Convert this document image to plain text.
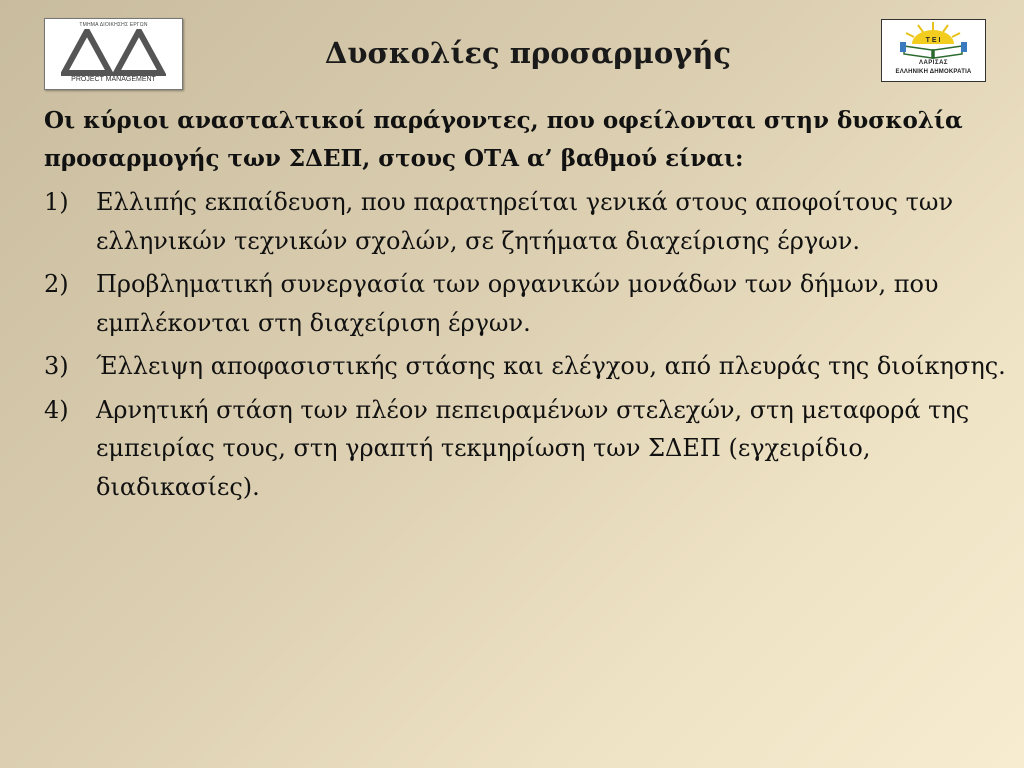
ΤΜΗΜΑ ΔΙΟΙΚΗΣΗΣ ΕΡΓΩΝ
PROJECT MANAGEMENT
Δυσκολίες προσαρμογής	Τ Ε Ι
ΛΑΡΙΣΑΣ
ΕΛΛΗΝΙΚΗ ΔΗΜΟΚΡΑΤΙΑ

Οι κύριοι ανασταλτικοί παράγοντες, που οφείλονται στην δυσκολία προσαρμογής των ΣΔΕΠ, στους ΟΤΑ α’ βαθμού είναι:

1) Ελλιπής εκπαίδευση, που παρατηρείται γενικά στους αποφοίτους των ελληνικών τεχνικών σχολών, σε ζητήματα διαχείρισης έργων.
2) Προβληματική συνεργασία των οργανικών μονάδων των δήμων, που εμπλέκονται στη διαχείριση έργων.
3) Έλλειψη αποφασιστικής στάσης και ελέγχου, από πλευράς της διοίκησης.
4) Αρνητική στάση των πλέον πεπειραμένων στελεχών, στη μεταφορά της εμπειρίας τους, στη γραπτή τεκμηρίωση των ΣΔΕΠ (εγχειρίδιο, διαδικασίες).
